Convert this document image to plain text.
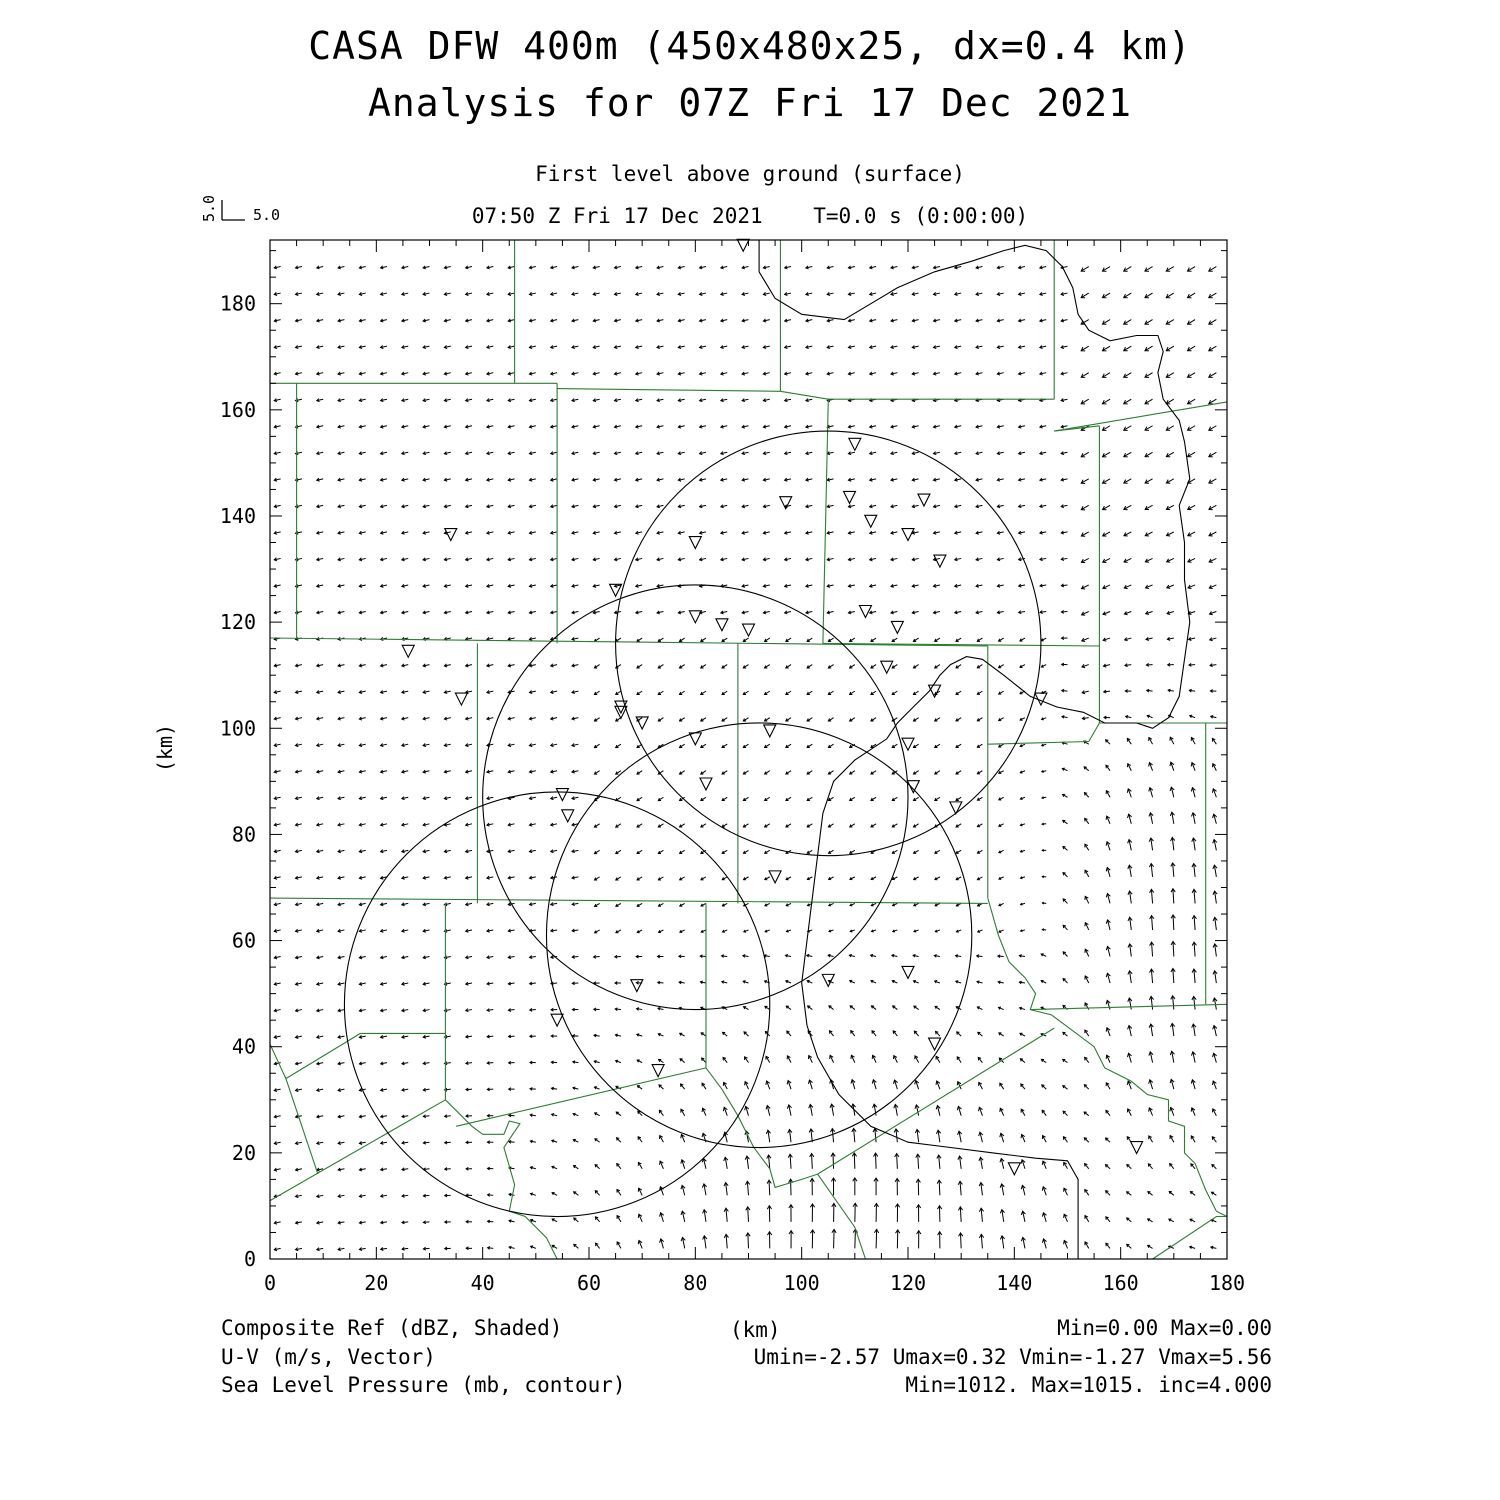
CASA DFW 400m (450x480x25, dx=0.4 km)
Analysis for 07Z Fri 17 Dec 2021
First level above ground (surface)
07:50 Z Fri 17 Dec 2021    T=0.0 s (0:00:00)
5.0
5.0
0	20	40	60	80	100	120	140	160	180
0
20
40
60
80
100
120
140
160
180
(km)
Composite Ref (dBZ, Shaded)	(km)	Min=0.00 Max=0.00
U-V (m/s, Vector)	Umin=-2.57 Umax=0.32 Vmin=-1.27 Vmax=5.56
Sea Level Pressure (mb, contour)	Min=1012. Max=1015. inc=4.000
